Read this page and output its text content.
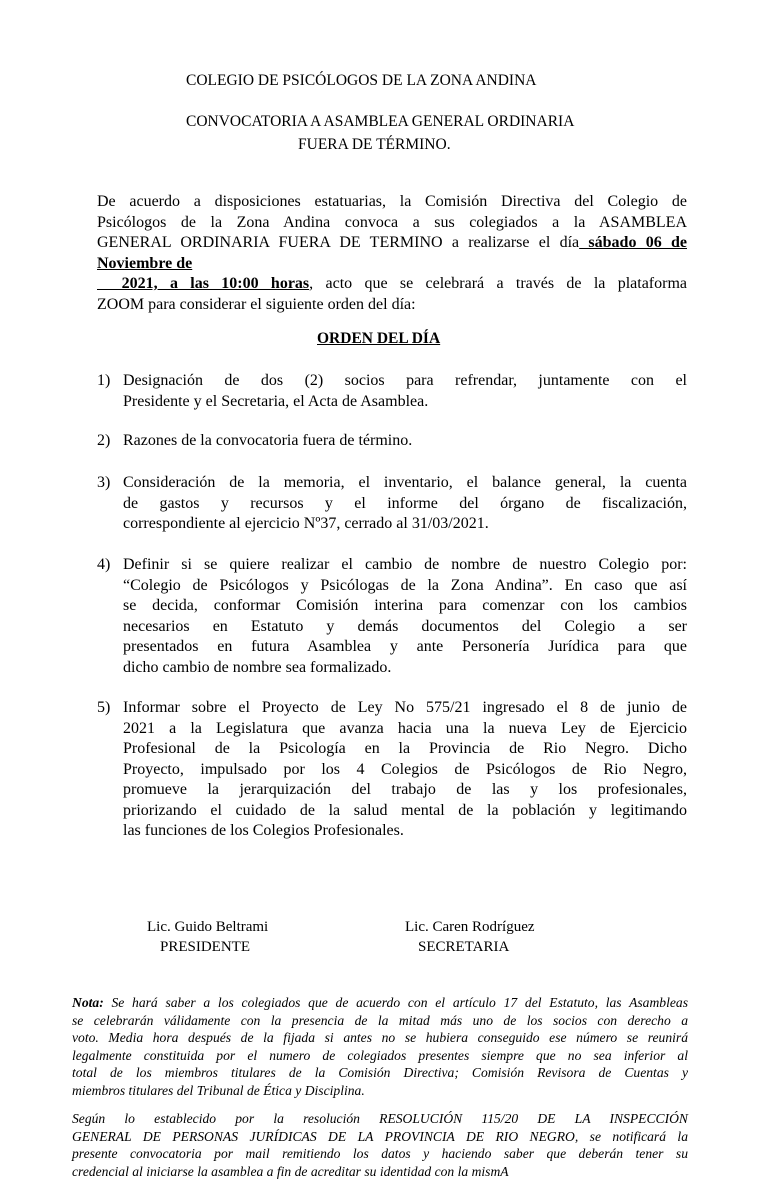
COLEGIO DE PSICÓLOGOS DE LA ZONA ANDINA
CONVOCATORIA A ASAMBLEA GENERAL ORDINARIA
FUERA DE TÉRMINO.
De acuerdo a disposiciones estatuarias, la Comisión Directiva del Colegio de
Psicólogos de la Zona Andina convoca a sus colegiados a la ASAMBLEA
GENERAL ORDINARIA FUERA DE TERMINO a realizarse el día sábado 06 de
Noviembre de
2021, a las 10:00 horas, acto que se celebrará a través de la plataforma
ZOOM para considerar el siguiente orden del día:
ORDEN DEL DÍA
1) Designación de dos (2) socios para refrendar, juntamente con el
Presidente y el Secretaria, el Acta de Asamblea.
2) Razones de la convocatoria fuera de término.
3) Consideración de la memoria, el inventario, el balance general, la cuenta
de gastos y recursos y el informe del órgano de fiscalización,
correspondiente al ejercicio Nº37, cerrado al 31/03/2021.
4) Definir si se quiere realizar el cambio de nombre de nuestro Colegio por:
“Colegio de Psicólogos y Psicólogas de la Zona Andina”. En caso que así
se decida, conformar Comisión interina para comenzar con los cambios
necesarios en Estatuto y demás documentos del Colegio a ser
presentados en futura Asamblea y ante Personería Jurídica para que
dicho cambio de nombre sea formalizado.
5) Informar sobre el Proyecto de Ley No 575/21 ingresado el 8 de junio de
2021 a la Legislatura que avanza hacia una la nueva Ley de Ejercicio
Profesional de la Psicología en la Provincia de Rio Negro. Dicho
Proyecto, impulsado por los 4 Colegios de Psicólogos de Rio Negro,
promueve la jerarquización del trabajo de las y los profesionales,
priorizando el cuidado de la salud mental de la población y legitimando
las funciones de los Colegios Profesionales.
Lic. Guido Beltrami
PRESIDENTE
Lic. Caren Rodríguez
SECRETARIA
Nota: Se hará saber a los colegiados que de acuerdo con el artículo 17 del Estatuto, las Asambleas
se celebrarán válidamente con la presencia de la mitad más uno de los socios con derecho a
voto. Media hora después de la fijada si antes no se hubiera conseguido ese número se reunirá
legalmente constituida por el numero de colegiados presentes siempre que no sea inferior al
total de los miembros titulares de la Comisión Directiva; Comisión Revisora de Cuentas y
miembros titulares del Tribunal de Ética y Disciplina.
Según lo establecido por la resolución RESOLUCIÓN 115/20 DE LA INSPECCIÓN
GENERAL DE PERSONAS JURÍDICAS DE LA PROVINCIA DE RIO NEGRO, se notificará la
presente convocatoria por mail remitiendo los datos y haciendo saber que deberán tener su
credencial al iniciarse la asamblea a fin de acreditar su identidad con la mismA
